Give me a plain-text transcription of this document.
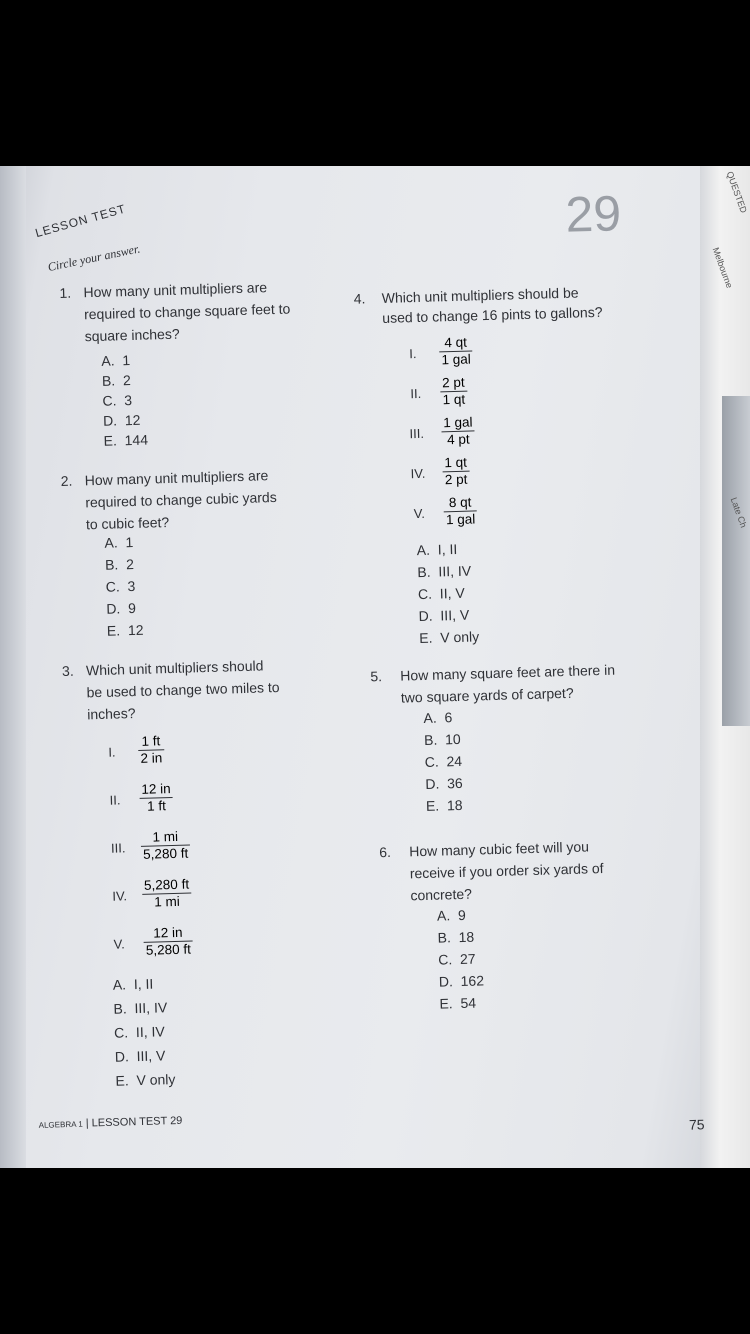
QUESTED
Melbourne
Late Ch
LESSON TEST
Circle your answer.
29
1. How many unit multipliers are
required to change square feet to
square inches?
A. 1
B. 2
C. 3
D. 12
E. 144
2. How many unit multipliers are
required to change cubic yards
to cubic feet?
A. 1
B. 2
C. 3
D. 9
E. 12
3. Which unit multipliers should
be used to change two miles to
inches?
I. $\frac{1 ft}{2 in}$
II. $\frac{12 in}{1 ft}$
III. $\frac{1 mi}{5,280 ft}$
IV. $\frac{5,280 ft}{1 mi}$
V. $\frac{12 in}{5,280 ft}$
A. I, II
B. III, IV
C. II, IV
D. III, V
E. V only
4. Which unit multipliers should be
used to change 16 pints to gallons?
I.
4 qt
1 gal
II. $\frac{2 pt}{1 qt}$
III.
1 gal
4 pt
IV. $\frac{1 qt}{2 pt}$
V.
8 qt
1 gal
A. I, II
B. III, IV
C. II, V
D. III, V
E. V only
5. How many square feet are there in
two square yards of carpet?
A. 6
B. 10
C. 24
D. 36
E. 18
6. How many cubic feet will you
receive if you order six yards of
concrete?
A. 9
B. 18
C. 27
D. 162
E. 54
ALGEBRA 1 | LESSON TEST 29	75
